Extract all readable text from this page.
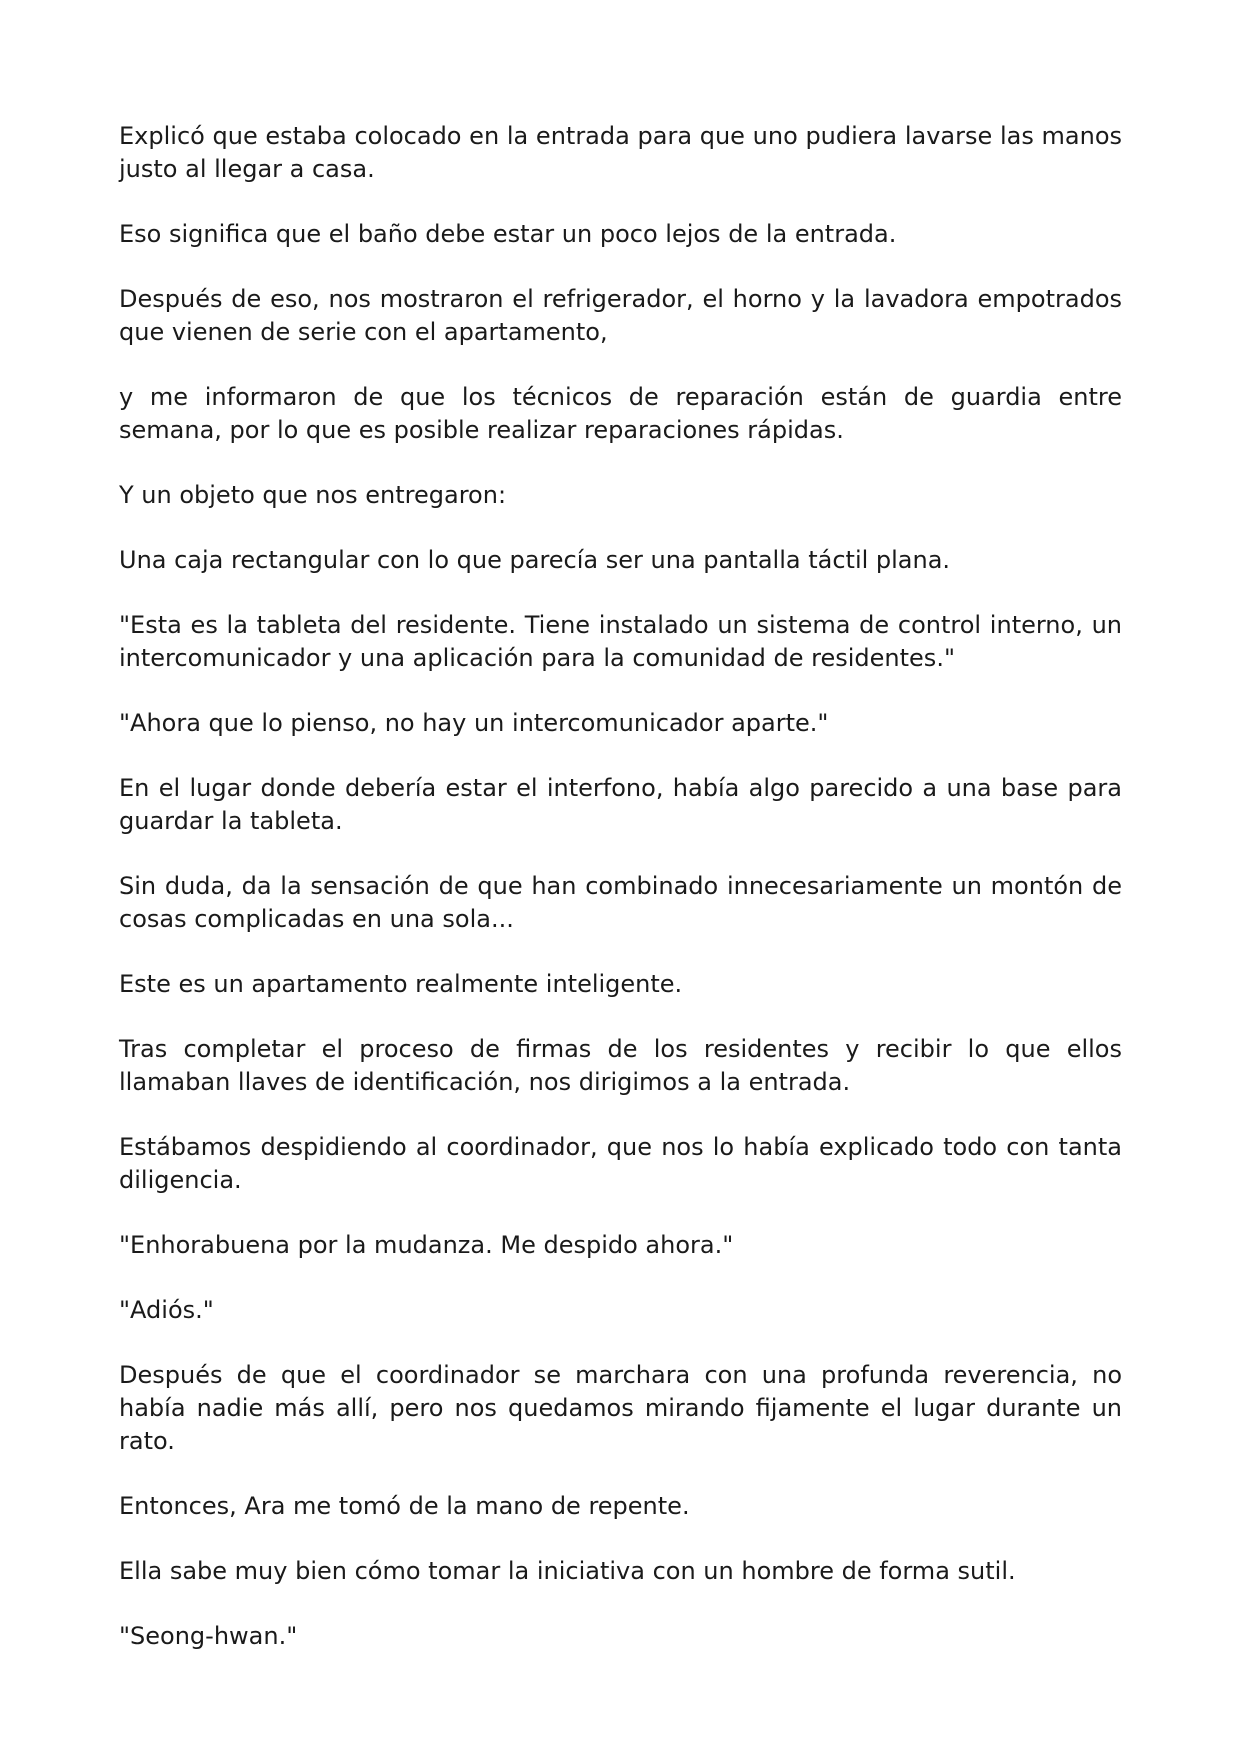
Explicó que estaba colocado en la entrada para que uno pudiera lavarse las manos justo al llegar a casa.

Eso significa que el baño debe estar un poco lejos de la entrada.

Después de eso, nos mostraron el refrigerador, el horno y la lavadora empotrados que vienen de serie con el apartamento,

y me informaron de que los técnicos de reparación están de guardia entre semana, por lo que es posible realizar reparaciones rápidas.

Y un objeto que nos entregaron:

Una caja rectangular con lo que parecía ser una pantalla táctil plana.

"Esta es la tableta del residente. Tiene instalado un sistema de control interno, un intercomunicador y una aplicación para la comunidad de residentes."

"Ahora que lo pienso, no hay un intercomunicador aparte."

En el lugar donde debería estar el interfono, había algo parecido a una base para guardar la tableta.

Sin duda, da la sensación de que han combinado innecesariamente un montón de cosas complicadas en una sola...

Este es un apartamento realmente inteligente.

Tras completar el proceso de firmas de los residentes y recibir lo que ellos llamaban llaves de identificación, nos dirigimos a la entrada.

Estábamos despidiendo al coordinador, que nos lo había explicado todo con tanta diligencia.

"Enhorabuena por la mudanza. Me despido ahora."

"Adiós."

Después de que el coordinador se marchara con una profunda reverencia, no había nadie más allí, pero nos quedamos mirando fijamente el lugar durante un rato.

Entonces, Ara me tomó de la mano de repente.

Ella sabe muy bien cómo tomar la iniciativa con un hombre de forma sutil.

"Seong-hwan."
